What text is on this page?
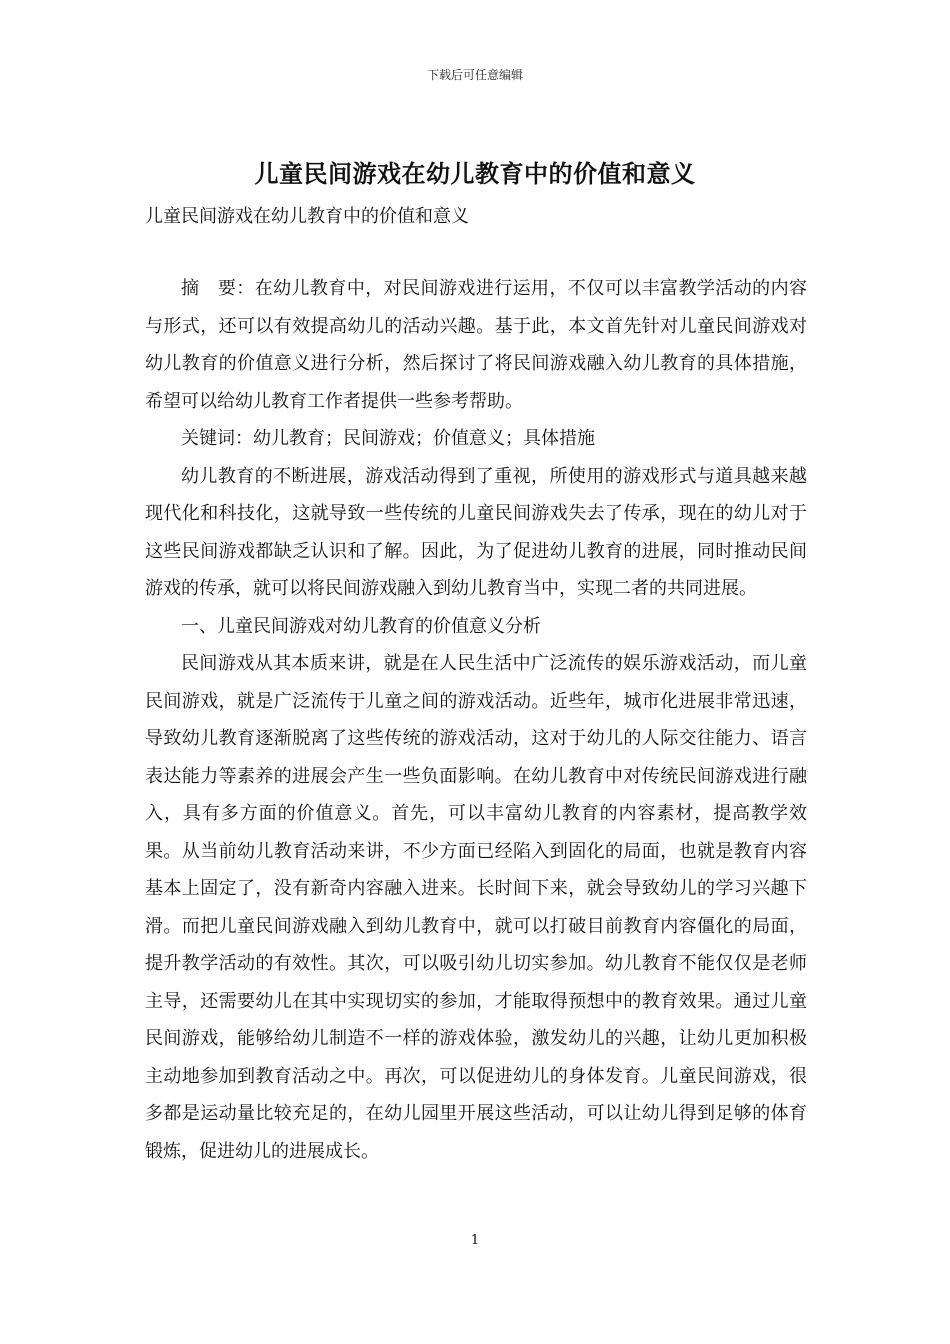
下载后可任意编辑
儿童民间游戏在幼儿教育中的价值和意义
儿童民间游戏在幼儿教育中的价值和意义

摘　要：在幼儿教育中，对民间游戏进行运用，不仅可以丰富教学活动的内容与形式，还可以有效提高幼儿的活动兴趣。基于此，本文首先针对儿童民间游戏对幼儿教育的价值意义进行分析，然后探讨了将民间游戏融入幼儿教育的具体措施，希望可以给幼儿教育工作者提供一些参考帮助。

关键词：幼儿教育；民间游戏；价值意义；具体措施

幼儿教育的不断进展，游戏活动得到了重视，所使用的游戏形式与道具越来越现代化和科技化，这就导致一些传统的儿童民间游戏失去了传承，现在的幼儿对于这些民间游戏都缺乏认识和了解。因此，为了促进幼儿教育的进展，同时推动民间游戏的传承，就可以将民间游戏融入到幼儿教育当中，实现二者的共同进展。

一、儿童民间游戏对幼儿教育的价值意义分析

民间游戏从其本质来讲，就是在人民生活中广泛流传的娱乐游戏活动，而儿童民间游戏，就是广泛流传于儿童之间的游戏活动。近些年，城市化进展非常迅速，导致幼儿教育逐渐脱离了这些传统的游戏活动，这对于幼儿的人际交往能力、语言表达能力等素养的进展会产生一些负面影响。在幼儿教育中对传统民间游戏进行融入，具有多方面的价值意义。首先，可以丰富幼儿教育的内容素材，提高教学效果。从当前幼儿教育活动来讲，不少方面已经陷入到固化的局面，也就是教育内容基本上固定了，没有新奇内容融入进来。长时间下来，就会导致幼儿的学习兴趣下滑。而把儿童民间游戏融入到幼儿教育中，就可以打破目前教育内容僵化的局面，提升教学活动的有效性。其次，可以吸引幼儿切实参加。幼儿教育不能仅仅是老师主导，还需要幼儿在其中实现切实的参加，才能取得预想中的教育效果。通过儿童民间游戏，能够给幼儿制造不一样的游戏体验，激发幼儿的兴趣，让幼儿更加积极主动地参加到教育活动之中。再次，可以促进幼儿的身体发育。儿童民间游戏，很多都是运动量比较充足的，在幼儿园里开展这些活动，可以让幼儿得到足够的体育锻炼，促进幼儿的进展成长。

1
